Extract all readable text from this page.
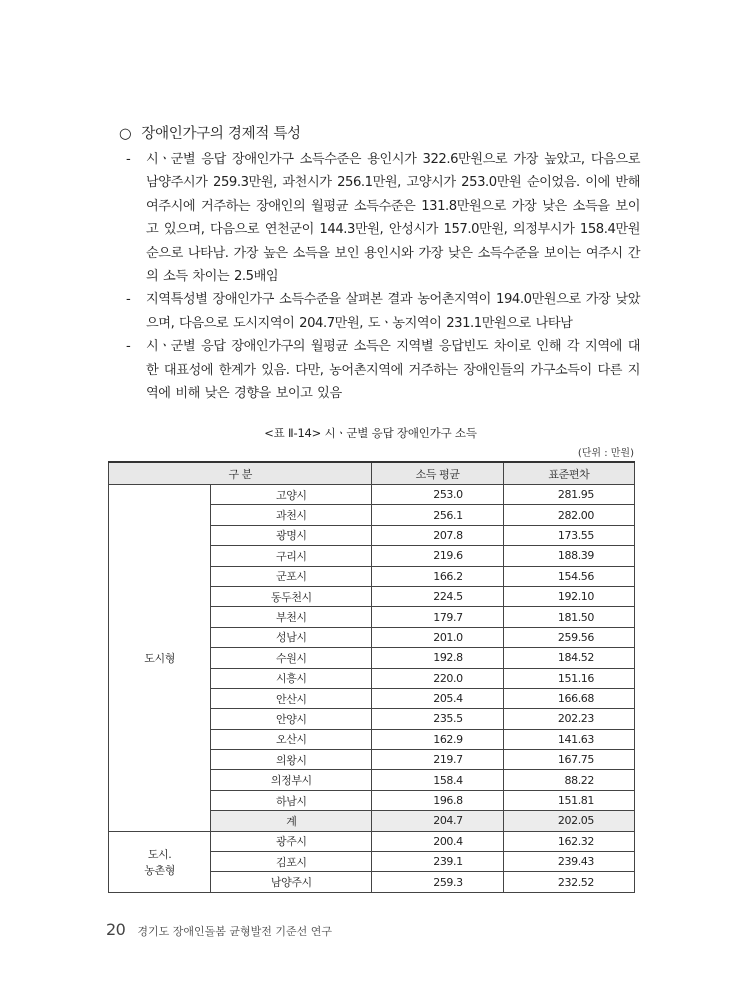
○ 장애인가구의 경제적 특성

- 시ㆍ군별 응답 장애인가구 소득수준은 용인시가 322.6만원으로 가장 높았고, 다음으로 남양주시가 259.3만원, 과천시가 256.1만원, 고양시가 253.0만원 순이었음. 이에 반해 여주시에 거주하는 장애인의 월평균 소득수준은 131.8만원으로 가장 낮은 소득을 보이고 있으며, 다음으로 연천군이 144.3만원, 안성시가 157.0만원, 의정부시가 158.4만원 순으로 나타남. 가장 높은 소득을 보인 용인시와 가장 낮은 소득수준을 보이는 여주시 간의 소득 차이는 2.5배임

- 지역특성별 장애인가구 소득수준을 살펴본 결과 농어촌지역이 194.0만원으로 가장 낮았으며, 다음으로 도시지역이 204.7만원, 도ㆍ농지역이 231.1만원으로 나타남

- 시ㆍ군별 응답 장애인가구의 월평균 소득은 지역별 응답빈도 차이로 인해 각 지역에 대한 대표성에 한계가 있음. 다만, 농어촌지역에 거주하는 장애인들의 가구소득이 다른 지역에 비해 낮은 경향을 보이고 있음

<표 Ⅱ-14> 시ㆍ군별 응답 장애인가구 소득
(단위 : 만원)
구 분		소득 평균	표준편차
도시형	고양시	253.0	281.95
	과천시	256.1	282.00
	광명시	207.8	173.55
	구리시	219.6	188.39
	군포시	166.2	154.56
	동두천시	224.5	192.10
	부천시	179.7	181.50
	성남시	201.0	259.56
	수원시	192.8	184.52
	시흥시	220.0	151.16
	안산시	205.4	166.68
	안양시	235.5	202.23
	오산시	162.9	141.63
	의왕시	219.7	167.75
	의정부시	158.4	88.22
	하남시	196.8	151.81
	계	204.7	202.05
도시.
농촌형	광주시	200.4	162.32
	김포시	239.1	239.43
	남양주시	259.3	232.52
20 경기도 장애인돌봄 균형발전 기준선 연구
